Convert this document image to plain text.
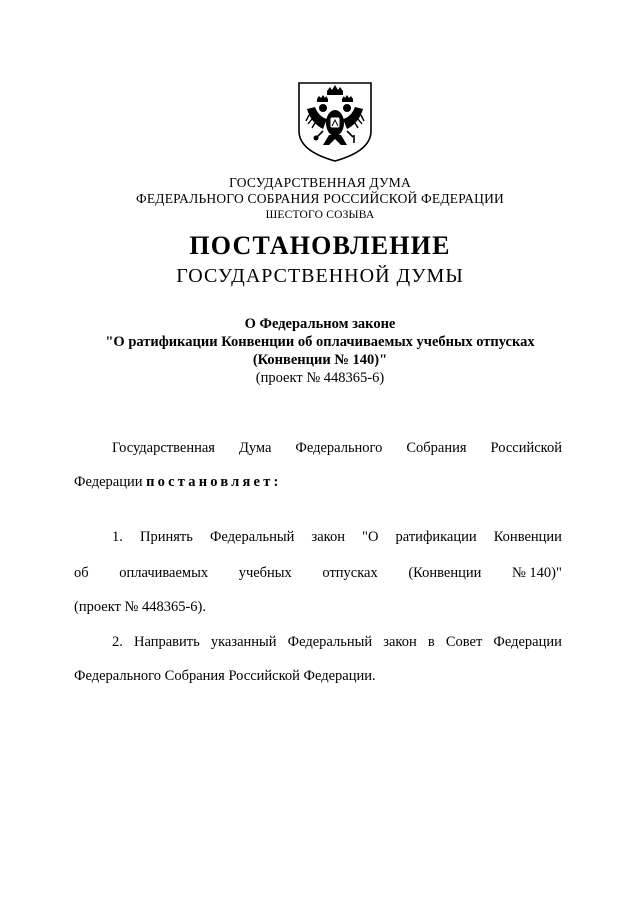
ГОСУДАРСТВЕННАЯ ДУМА
ФЕДЕРАЛЬНОГО СОБРАНИЯ РОССИЙСКОЙ ФЕДЕРАЦИИ
ШЕСТОГО СОЗЫВА
ПОСТАНОВЛЕНИЕ
ГОСУДАРСТВЕННОЙ ДУМЫ
О Федеральном законе
"О ратификации Конвенции об оплачиваемых учебных отпусках
(Конвенции № 140)"
(проект № 448365-6)
Государственная Дума Федерального Собрания Российской
Федерации постановляет:
1. Принять Федеральный закон "О ратификации Конвенции
об оплачиваемых учебных отпусках (Конвенции № 140)"
(проект № 448365-6).
2. Направить указанный Федеральный закон в Совет Федерации
Федерального Собрания Российской Федерации.
